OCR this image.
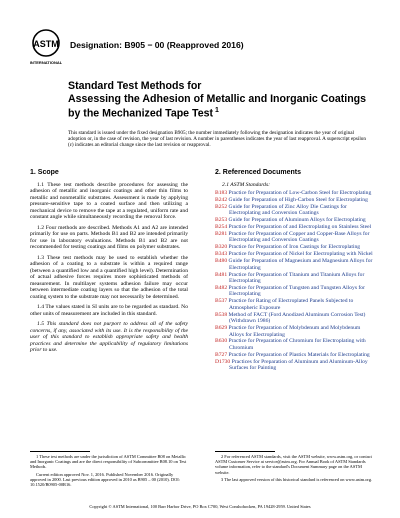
ASTM
INTERNATIONAL
Designation: B905 − 00 (Reapproved 2016)
Standard Test Methods for
Assessing the Adhesion of Metallic and Inorganic Coatings
by the Mechanized Tape Test $^1$
This standard is issued under the fixed designation B905; the number immediately following the designation indicates the year of original adoption or, in the case of revision, the year of last revision. A number in parentheses indicates the year of last reapproval. A superscript epsilon (ε) indicates an editorial change since the last revision or reapproval.
1. Scope

1.1 These test methods describe procedures for assessing the adhesion of metallic and inorganic coatings and other thin films to metallic and nonmetallic substrates. Assessment is made by applying pressure-sensitive tape to a coated surface and then utilizing a mechanical device to remove the tape at a regulated, uniform rate and constant angle while simultaneously recording the removal force.

1.2 Four methods are described. Methods A1 and A2 are intended primarily for use on parts. Methods B1 and B2 are intended primarily for use in laboratory evaluations. Methods B1 and B2 are not recommended for testing coatings and films on polymer substrates.

1.3 These test methods may be used to establish whether the adhesion of a coating to a substrate is within a required range (between a quantified low and a quantified high level). Determination of actual adhesive forces requires more sophisticated methods of measurement. In multilayer systems adhesion failure may occur between intermediate coating layers so that the adhesion of the total coating system to the substrate may not necessarily be determined.

1.4 The values stated in SI units are to be regarded as standard. No other units of measurement are included in this standard.

1.5 This standard does not purport to address all of the safety concerns, if any, associated with its use. It is the responsibility of the user of this standard to establish appropriate safety and health practices and determine the applicability of regulatory limitations prior to use.

2. Referenced Documents
2.1 ASTM Standards:
B183 Practice for Preparation of Low-Carbon Steel for Electroplating
B242 Guide for Preparation of High-Carbon Steel for Electroplating
B252 Guide for Preparation of Zinc Alloy Die Castings for Electroplating and Conversion Coatings
B253 Guide for Preparation of Aluminum Alloys for Electroplating
B254 Practice for Preparation of and Electroplating on Stainless Steel
B281 Practice for Preparation of Copper and Copper-Base Alloys for Electroplating and Conversion Coatings
B320 Practice for Preparation of Iron Castings for Electroplating
B343 Practice for Preparation of Nickel for Electroplating with Nickel
B480 Guide for Preparation of Magnesium and Magnesium Alloys for Electroplating
B481 Practice for Preparation of Titanium and Titanium Alloys for Electroplating
B482 Practice for Preparation of Tungsten and Tungsten Alloys for Electroplating
B537 Practice for Rating of Electroplated Panels Subjected to Atmospheric Exposure
B538 Method of FACT (Ford Anodized Aluminum Corrosion Test) (Withdrawn 1986)
B629 Practice for Preparation of Molybdenum and Molybdenum Alloys for Electroplating
B630 Practice for Preparation of Chromium for Electroplating with Chromium
B727 Practice for Preparation of Plastics Materials for Electroplating
D1730 Practices for Preparation of Aluminum and Aluminum-Alloy Surfaces for Painting
1 These test methods are under the jurisdiction of ASTM Committee B08 on Metallic and Inorganic Coatings and are the direct responsibility of Subcommittee B08.10 on Test Methods.
Current edition approved Nov. 1, 2016. Published November 2016. Originally approved in 2000. Last previous edition approved in 2010 as B905 – 00 (2010). DOI: 10.1520/B0905-00R16.
2 For referenced ASTM standards, visit the ASTM website, www.astm.org, or contact ASTM Customer Service at service@astm.org. For Annual Book of ASTM Standards volume information, refer to the standard's Document Summary page on the ASTM website.
3 The last approved version of this historical standard is referenced on www.astm.org.
Copyright © ASTM International, 100 Barr Harbor Drive, PO Box C700, West Conshohocken, PA 19428-2959. United States
